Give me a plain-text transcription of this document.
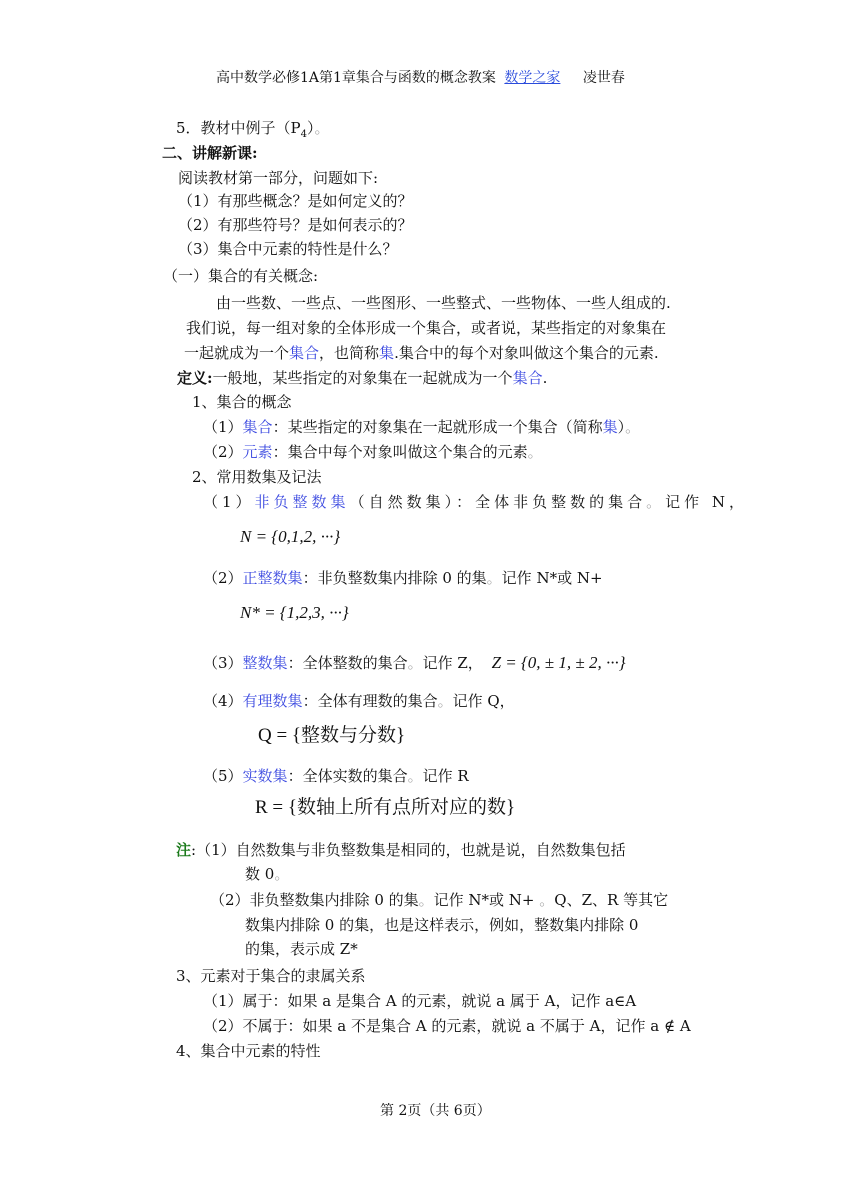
高中数学必修1A第1章集合与函数的概念教案 数学之家 凌世春
5．教材中例子$(P_4)$。
二、讲解新课:
阅读教材第一部分，问题如下:
（1）有那些概念？是如何定义的？
（2）有那些符号？是如何表示的？
（3）集合中元素的特性是什么？
（一）集合的有关概念:
由一些数、一些点、一些图形、一些整式、一些物体、一些人组成的.
我们说，每一组对象的全体形成一个集合，或者说，某些指定的对象集在
一起就成为一个集合，也简称集.集合中的每个对象叫做这个集合的元素.
定义:一般地，某些指定的对象集在一起就成为一个集合.
1、集合的概念
（1）集合：某些指定的对象集在一起就形成一个集合（简称集）。
（2）元素：集合中每个对象叫做这个集合的元素。
2、常用数集及记法
（1）非负整数集（自然数集）：全体非负整数的集合。记作 N，
N = {0,1,2, ···}
（2）正整数集：非负整数集内排除 0 的集。记作 N*或 N+
N* = {1,2,3, ···}
（3）整数集：全体整数的集合。记作 Z， Z = {0, ± 1, ± 2, ···}
（4）有理数集：全体有理数的集合。记作 Q，
Q = {整数与分数}
（5）实数集：全体实数的集合。记作 R
R = {数轴上所有点所对应的数}
注:（1）自然数集与非负整数集是相同的，也就是说，自然数集包括
数 0。
（2）非负整数集内排除 0 的集。记作 N*或 N+ 。Q、Z、R 等其它
数集内排除 0 的集，也是这样表示，例如，整数集内排除 0
的集，表示成 Z*
3、元素对于集合的隶属关系
（1）属于：如果 a 是集合 A 的元素，就说 a 属于 A，记作 a∈A
（2）不属于：如果 a 不是集合 A 的元素，就说 a 不属于 A，记作 a ∉ A
4、集合中元素的特性
第 2页（共 6页）
